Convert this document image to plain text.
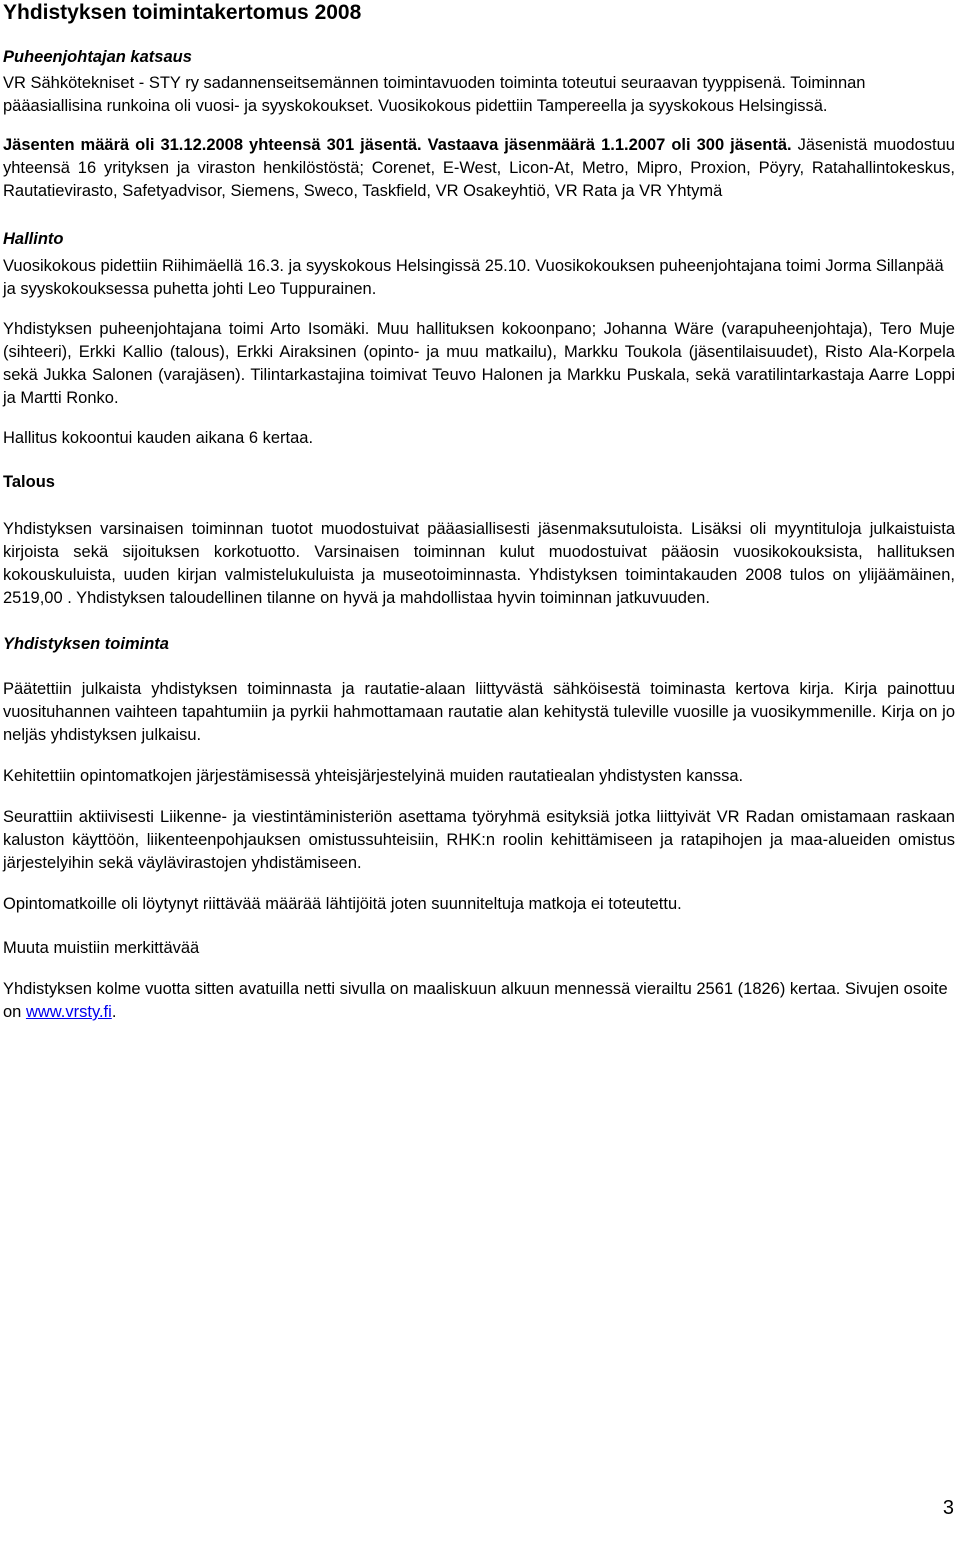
Yhdistyksen toimintakertomus 2008
Puheenjohtajan katsaus

VR Sähkötekniset - STY ry sadannenseitsemännen toimintavuoden toiminta toteutui seuraavan tyyppisenä. Toiminnan pääasiallisina runkoina oli vuosi- ja syyskokoukset. Vuosikokous pidettiin Tampereella ja syyskokous Helsingissä.

Jäsenten määrä oli 31.12.2008 yhteensä 301 jäsentä. Vastaava jäsenmäärä 1.1.2007 oli 300 jäsentä. Jäsenistä muodostuu yhteensä 16 yrityksen ja viraston henkilöstöstä; Corenet, E-West, Licon-At, Metro, Mipro, Proxion, Pöyry, Ratahallintokeskus, Rautatievirasto, Safetyadvisor, Siemens, Sweco, Taskfield, VR Osakeyhtiö, VR Rata ja VR Yhtymä

Hallinto

Vuosikokous pidettiin Riihimäellä 16.3. ja syyskokous Helsingissä 25.10. Vuosikokouksen puheenjohtajana toimi Jorma Sillanpää ja syyskokouksessa puhetta johti Leo Tuppurainen.

Yhdistyksen puheenjohtajana toimi Arto Isomäki. Muu hallituksen kokoonpano; Johanna Wäre (varapuheenjohtaja), Tero Muje (sihteeri), Erkki Kallio (talous), Erkki Airaksinen (opinto- ja muu matkailu), Markku Toukola (jäsentilaisuudet), Risto Ala-Korpela sekä Jukka Salonen (varajäsen). Tilintarkastajina toimivat Teuvo Halonen ja Markku Puskala, sekä varatilintarkastaja Aarre Loppi ja Martti Ronko.

Hallitus kokoontui kauden aikana 6 kertaa.

Talous

Yhdistyksen varsinaisen toiminnan tuotot muodostuivat pääasiallisesti jäsenmaksutuloista. Lisäksi oli myyntituloja julkaistuista kirjoista sekä sijoituksen korkotuotto. Varsinaisen toiminnan kulut muodostuivat pääosin vuosikokouksista, hallituksen kokouskuluista, uuden kirjan valmistelukuluista ja museotoiminnasta. Yhdistyksen toimintakauden 2008 tulos on ylijäämäinen, 2519,00 . Yhdistyksen taloudellinen tilanne on hyvä ja mahdollistaa hyvin toiminnan jatkuvuuden.

Yhdistyksen toiminta

Päätettiin julkaista yhdistyksen toiminnasta ja rautatie-alaan liittyvästä sähköisestä toiminasta kertova kirja. Kirja painottuu vuosituhannen vaihteen tapahtumiin ja pyrkii hahmottamaan rautatie alan kehitystä tuleville vuosille ja vuosikymmenille. Kirja on jo neljäs yhdistyksen julkaisu.

Kehitettiin opintomatkojen järjestämisessä yhteisjärjestelyinä muiden rautatiealan yhdistysten kanssa.

Seurattiin aktiivisesti Liikenne- ja viestintäministeriön asettama työryhmä esityksiä jotka liittyivät VR Radan omistamaan raskaan kaluston käyttöön, liikenteenpohjauksen omistussuhteisiin, RHK:n roolin kehittämiseen ja ratapihojen ja maa-alueiden omistus järjestelyihin sekä väylävirastojen yhdistämiseen.

Opintomatkoille oli löytynyt riittävää määrää lähtijöitä joten suunniteltuja matkoja ei toteutettu.

Muuta muistiin merkittävää

Yhdistyksen kolme vuotta sitten avatuilla netti sivulla on maaliskuun alkuun mennessä vierailtu 2561 (1826) kertaa. Sivujen osoite on www.vrsty.fi.

3
